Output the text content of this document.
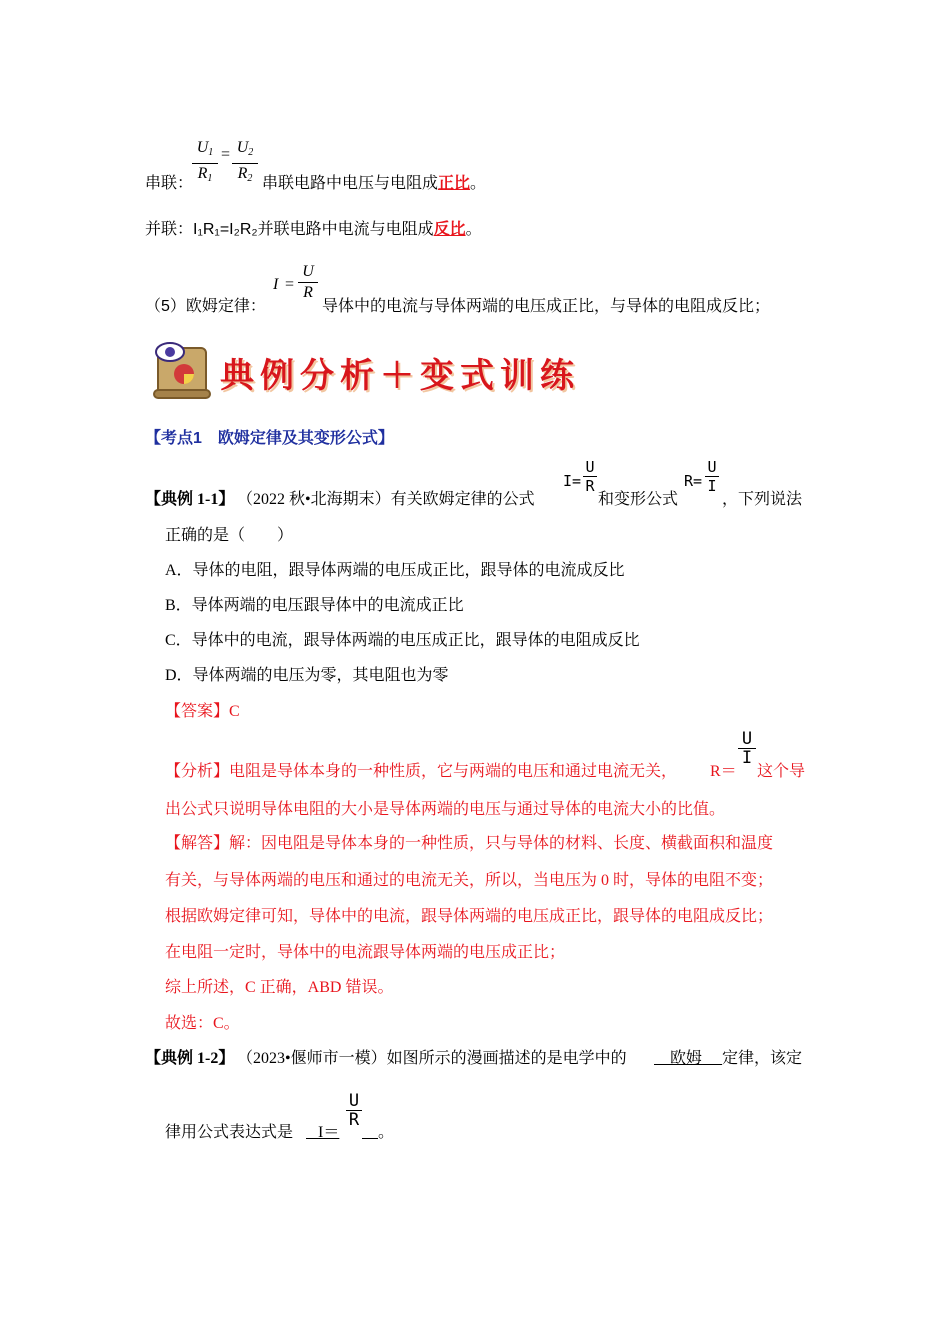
串联：
$U_1$
$R_1$
= $U_2$
$R_2$ 串联电路中电压与电阻成正比。
并联：I₁R₁=I₂R₂并联电路中电流与电阻成反比。
（5）欧姆定律：
I =
U
R
导体中的电流与导体两端的电压成正比，与导体的电阻成反比；
典例分析＋变式训练
【考点1　欧姆定律及其变形公式】
【典例 1-1】 （2022 秋•北海期末）有关欧姆定律的公式
I=
U
R
和变形公式
R=
U
I
，下列说法
正确的是（　　）
A．导体的电阻，跟导体两端的电压成正比，跟导体的电流成反比
B．导体两端的电压跟导体中的电流成正比
C．导体中的电流，跟导体两端的电压成正比，跟导体的电阻成反比
D．导体两端的电压为零，其电阻也为零
【答案】C
【分析】电阻是导体本身的一种性质，它与两端的电压和通过电流无关， R＝
U
I
这个导
出公式只说明导体电阻的大小是导体两端的电压与通过导体的电流大小的比值。
【解答】解：因电阻是导体本身的一种性质，只与导体的材料、长度、横截面积和温度
有关，与导体两端的电压和通过的电流无关，所以，当电压为 0 时，导体的电阻不变；
根据欧姆定律可知，导体中的电流，跟导体两端的电压成正比，跟导体的电阻成反比；
在电阻一定时，导体中的电流跟导体两端的电压成正比；
综上所述，C 正确，ABD 错误。
故选：C。
【典例 1-2】 （2023•偃师市一模）如图所示的漫画描述的是电学中的	欧姆	定律，该定
律用公式表达式是	I＝
U
R
。
